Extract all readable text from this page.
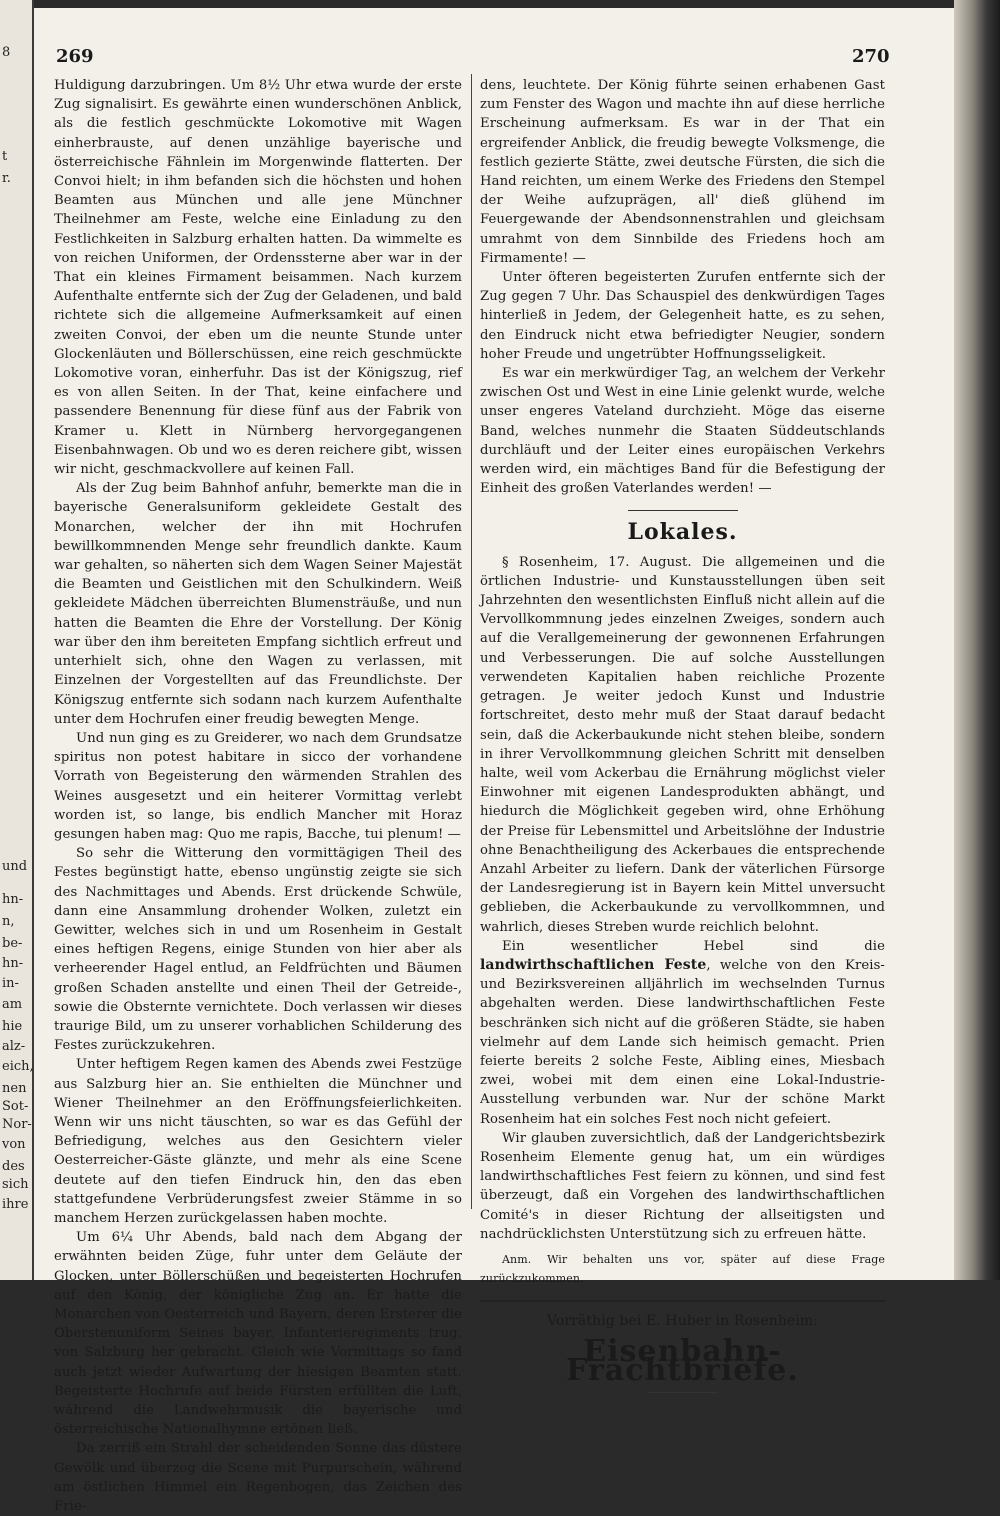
8
t
r.
und
hn-
n,
be-
hn-
in-
am
hie
alz-
eich,
nen
Sot-
Nor-
von
des
sich
ihre
269	270

Huldigung darzubringen. Um 8½ Uhr etwa wurde der erste Zug signalisirt. Es gewährte einen wunderschönen Anblick, als die festlich geschmückte Lokomotive mit Wagen einherbrauste, auf denen unzählige bayerische und österreichische Fähnlein im Morgenwinde flatterten. Der Convoi hielt; in ihm befanden sich die höchsten und hohen Beamten aus München und alle jene Münchner Theilnehmer am Feste, welche eine Einladung zu den Festlichkeiten in Salzburg erhalten hatten. Da wimmelte es von reichen Uniformen, der Ordenssterne aber war in der That ein kleines Firmament beisammen. Nach kurzem Aufenthalte entfernte sich der Zug der Geladenen, und bald richtete sich die allgemeine Aufmerksamkeit auf einen zweiten Convoi, der eben um die neunte Stunde unter Glockenläuten und Böllerschüssen, eine reich geschmückte Lokomotive voran, einherfuhr. Das ist der Königszug, rief es von allen Seiten. In der That, keine einfachere und passendere Benennung für diese fünf aus der Fabrik von Kramer u. Klett in Nürnberg hervorgegangenen Eisenbahnwagen. Ob und wo es deren reichere gibt, wissen wir nicht, geschmackvollere auf keinen Fall.

Als der Zug beim Bahnhof anfuhr, bemerkte man die in bayerische Generalsuniform gekleidete Gestalt des Monarchen, welcher der ihn mit Hochrufen bewillkommnenden Menge sehr freundlich dankte. Kaum war gehalten, so näherten sich dem Wagen Seiner Majestät die Beamten und Geistlichen mit den Schulkindern. Weiß gekleidete Mädchen überreichten Blumensträuße, und nun hatten die Beamten die Ehre der Vorstellung. Der König war über den ihm bereiteten Empfang sichtlich erfreut und unterhielt sich, ohne den Wagen zu verlassen, mit Einzelnen der Vorgestellten auf das Freundlichste. Der Königszug entfernte sich sodann nach kurzem Aufenthalte unter dem Hochrufen einer freudig bewegten Menge.

Und nun ging es zu Greiderer, wo nach dem Grundsatze spiritus non potest habitare in sicco der vorhandene Vorrath von Begeisterung den wärmenden Strahlen des Weines ausgesetzt und ein heiterer Vormittag verlebt worden ist, so lange, bis endlich Mancher mit Horaz gesungen haben mag: Quo me rapis, Bacche, tui plenum! —

So sehr die Witterung den vormittägigen Theil des Festes begünstigt hatte, ebenso ungünstig zeigte sie sich des Nachmittages und Abends. Erst drückende Schwüle, dann eine Ansammlung drohender Wolken, zuletzt ein Gewitter, welches sich in und um Rosenheim in Gestalt eines heftigen Regens, einige Stunden von hier aber als verheerender Hagel entlud, an Feldfrüchten und Bäumen großen Schaden anstellte und einen Theil der Getreide-, sowie die Obsternte vernichtete. Doch verlassen wir dieses traurige Bild, um zu unserer vorhablichen Schilderung des Festes zurückzukehren.

Unter heftigem Regen kamen des Abends zwei Festzüge aus Salzburg hier an. Sie enthielten die Münchner und Wiener Theilnehmer an den Eröffnungsfeierlichkeiten. Wenn wir uns nicht täuschten, so war es das Gefühl der Befriedigung, welches aus den Gesichtern vieler Oesterreicher-Gäste glänzte, und mehr als eine Scene deutete auf den tiefen Eindruck hin, den das eben stattgefundene Verbrüderungsfest zweier Stämme in so manchem Herzen zurückgelassen haben mochte.

Um 6¼ Uhr Abends, bald nach dem Abgang der erwähnten beiden Züge, fuhr unter dem Geläute der Glocken, unter Böllerschüßen und begeisterten Hochrufen auf den König, der königliche Zug an. Er hatte die Monarchen von Oesterreich und Bayern, deren Ersterer die Oberstenuniform Seines bayer. Infanterieregiments trug, von Salzburg her gebracht. Gleich wie Vormittags so fand auch jetzt wieder Aufwartung der hiesigen Beamten statt. Begeisterte Hochrufe auf beide Fürsten erfüllten die Luft, während die Landwehrmusik die bayerische und österreichische Nationalhymne ertönen ließ.

Da zerriß ein Strahl der scheidenden Sonne das düstere Gewölk und überzog die Scene mit Purpurschein, während am östlichen Himmel ein Regenbogen, das Zeichen des Frie-

dens, leuchtete. Der König führte seinen erhabenen Gast zum Fenster des Wagon und machte ihn auf diese herrliche Erscheinung aufmerksam. Es war in der That ein ergreifender Anblick, die freudig bewegte Volksmenge, die festlich gezierte Stätte, zwei deutsche Fürsten, die sich die Hand reichten, um einem Werke des Friedens den Stempel der Weihe aufzuprägen, all' dieß glühend im Feuergewande der Abendsonnenstrahlen und gleichsam umrahmt von dem Sinnbilde des Friedens hoch am Firmamente! —

Unter öfteren begeisterten Zurufen entfernte sich der Zug gegen 7 Uhr. Das Schauspiel des denkwürdigen Tages hinterließ in Jedem, der Gelegenheit hatte, es zu sehen, den Eindruck nicht etwa befriedigter Neugier, sondern hoher Freude und ungetrübter Hoffnungsseligkeit.

Es war ein merkwürdiger Tag, an welchem der Verkehr zwischen Ost und West in eine Linie gelenkt wurde, welche unser engeres Vateland durchzieht. Möge das eiserne Band, welches nunmehr die Staaten Süddeutschlands durchläuft und der Leiter eines europäischen Verkehrs werden wird, ein mächtiges Band für die Befestigung der Einheit des großen Vaterlandes werden! —

Lokales.

§ Rosenheim, 17. August. Die allgemeinen und die örtlichen Industrie- und Kunstausstellungen üben seit Jahrzehnten den wesentlichsten Einfluß nicht allein auf die Vervollkommnung jedes einzelnen Zweiges, sondern auch auf die Verallgemeinerung der gewonnenen Erfahrungen und Verbesserungen. Die auf solche Ausstellungen verwendeten Kapitalien haben reichliche Prozente getragen. Je weiter jedoch Kunst und Industrie fortschreitet, desto mehr muß der Staat darauf bedacht sein, daß die Ackerbaukunde nicht stehen bleibe, sondern in ihrer Vervollkommnung gleichen Schritt mit denselben halte, weil vom Ackerbau die Ernährung möglichst vieler Einwohner mit eigenen Landesprodukten abhängt, und hiedurch die Möglichkeit gegeben wird, ohne Erhöhung der Preise für Lebensmittel und Arbeitslöhne der Industrie ohne Benachtheiligung des Ackerbaues die entsprechende Anzahl Arbeiter zu liefern. Dank der väterlichen Fürsorge der Landesregierung ist in Bayern kein Mittel unversucht geblieben, die Ackerbaukunde zu vervollkommnen, und wahrlich, dieses Streben wurde reichlich belohnt.

Ein wesentlicher Hebel sind die landwirthschaftlichen Feste, welche von den Kreis- und Bezirksvereinen alljährlich im wechselnden Turnus abgehalten werden. Diese landwirthschaftlichen Feste beschränken sich nicht auf die größeren Städte, sie haben vielmehr auf dem Lande sich heimisch gemacht. Prien feierte bereits 2 solche Feste, Aibling eines, Miesbach zwei, wobei mit dem einen eine Lokal-Industrie-Ausstellung verbunden war. Nur der schöne Markt Rosenheim hat ein solches Fest noch nicht gefeiert.

Wir glauben zuversichtlich, daß der Landgerichtsbezirk Rosenheim Elemente genug hat, um ein würdiges landwirthschaftliches Fest feiern zu können, und sind fest überzeugt, daß ein Vorgehen des landwirthschaftlichen Comité's in dieser Richtung der allseitigsten und nachdrücklichsten Unterstützung sich zu erfreuen hätte.

Anm. Wir behalten uns vor, später auf diese Frage zurückzukommen.
Vorräthig bei E. Huber in Rosenheim:
Eisenbahn-Frachtbriefe.
